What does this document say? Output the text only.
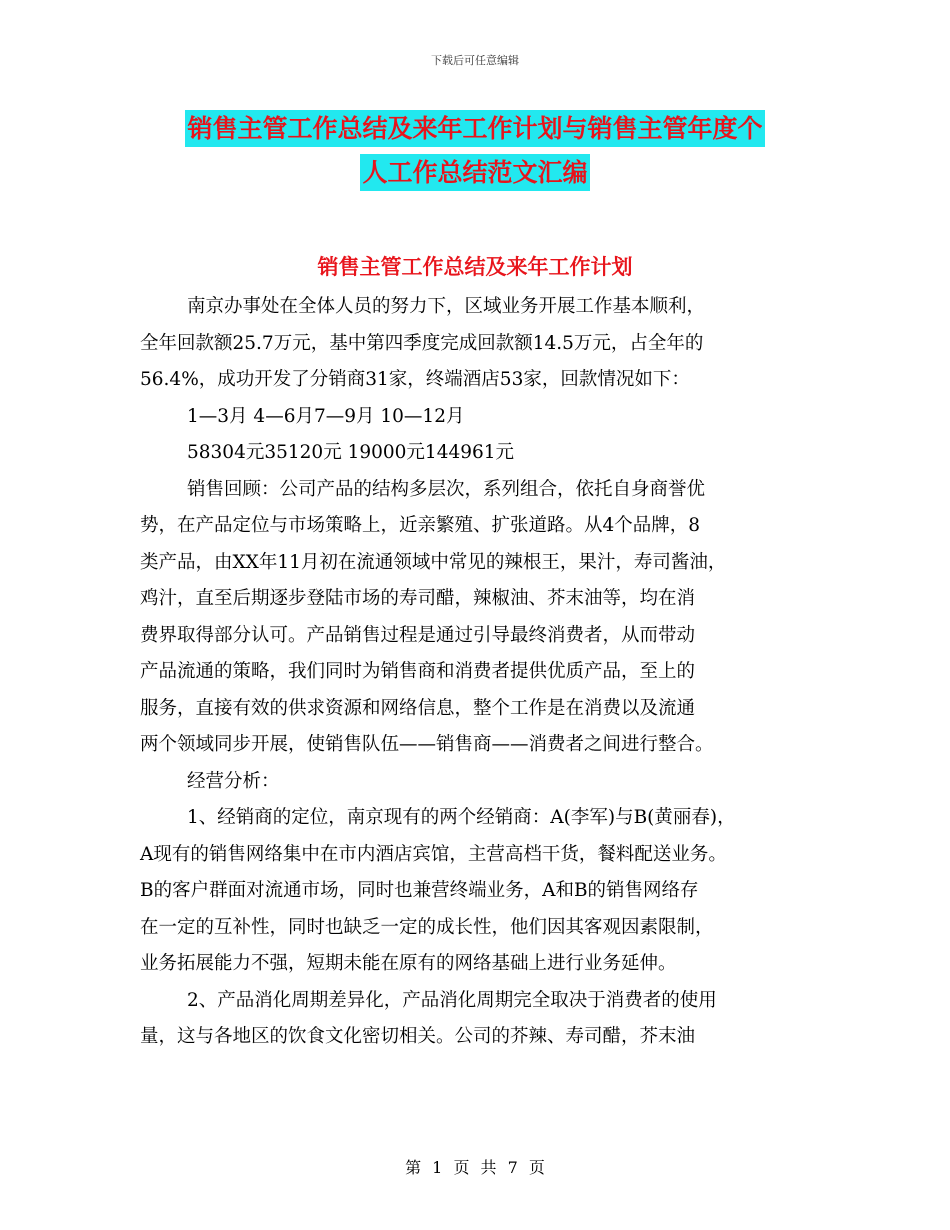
下载后可任意编辑
销售主管工作总结及来年工作计划与销售主管年度个
人工作总结范文汇编
销售主管工作总结及来年工作计划
南京办事处在全体人员的努力下，区域业务开展工作基本顺利，
全年回款额25.7万元，基中第四季度完成回款额14.5万元，占全年的
56.4%，成功开发了分销商31家，终端酒店53家，回款情况如下：
1—3月 4—6月7—9月 10—12月
58304元35120元 19000元144961元
销售回顾：公司产品的结构多层次，系列组合，依托自身商誉优
势，在产品定位与市场策略上，近亲繁殖、扩张道路。从4个品牌，8
类产品，由XX年11月初在流通领域中常见的辣根王，果汁，寿司酱油，
鸡汁，直至后期逐步登陆市场的寿司醋，辣椒油、芥末油等，均在消
费界取得部分认可。产品销售过程是通过引导最终消费者，从而带动
产品流通的策略，我们同时为销售商和消费者提供优质产品，至上的
服务，直接有效的供求资源和网络信息，整个工作是在消费以及流通
两个领域同步开展，使销售队伍——销售商——消费者之间进行整合。
经营分析：
1、经销商的定位，南京现有的两个经销商：A(李军)与B(黄丽春)，
A现有的销售网络集中在市内酒店宾馆，主营高档干货，餐料配送业务。
B的客户群面对流通市场，同时也兼营终端业务，A和B的销售网络存
在一定的互补性，同时也缺乏一定的成长性，他们因其客观因素限制，
业务拓展能力不强，短期未能在原有的网络基础上进行业务延伸。
2、产品消化周期差异化，产品消化周期完全取决于消费者的使用
量，这与各地区的饮食文化密切相关。公司的芥辣、寿司醋，芥末油
第 1 页 共 7 页
